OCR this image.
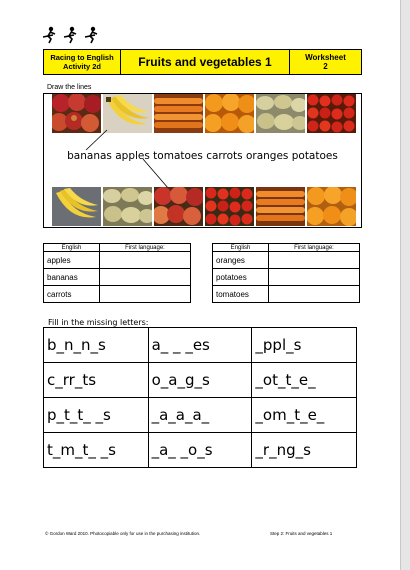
Racing to English
Activity 2d	Fruits and vegetables 1	Worksheet
2
Draw the lines
bananas apples tomatoes carrots oranges potatoes
English	First language:
apples	
bananas	
carrots	
English	First language:
oranges	
potatoes	
tomatoes	
Fill in the missing letters:
b_n_n_s	a_ _ _es	_ppl_s
c_rr_ts	o_a_g_s	_ot_t_e_
p_t_t_ _s	_a_a_a_	_om_t_e_
t_m_t_ _s	_a_ _o_s	_r_ng_s
© Gordon Ward 2010. Photocopiable only for use in the purchasing institution.	Step 2: Fruits and vegetables 1
